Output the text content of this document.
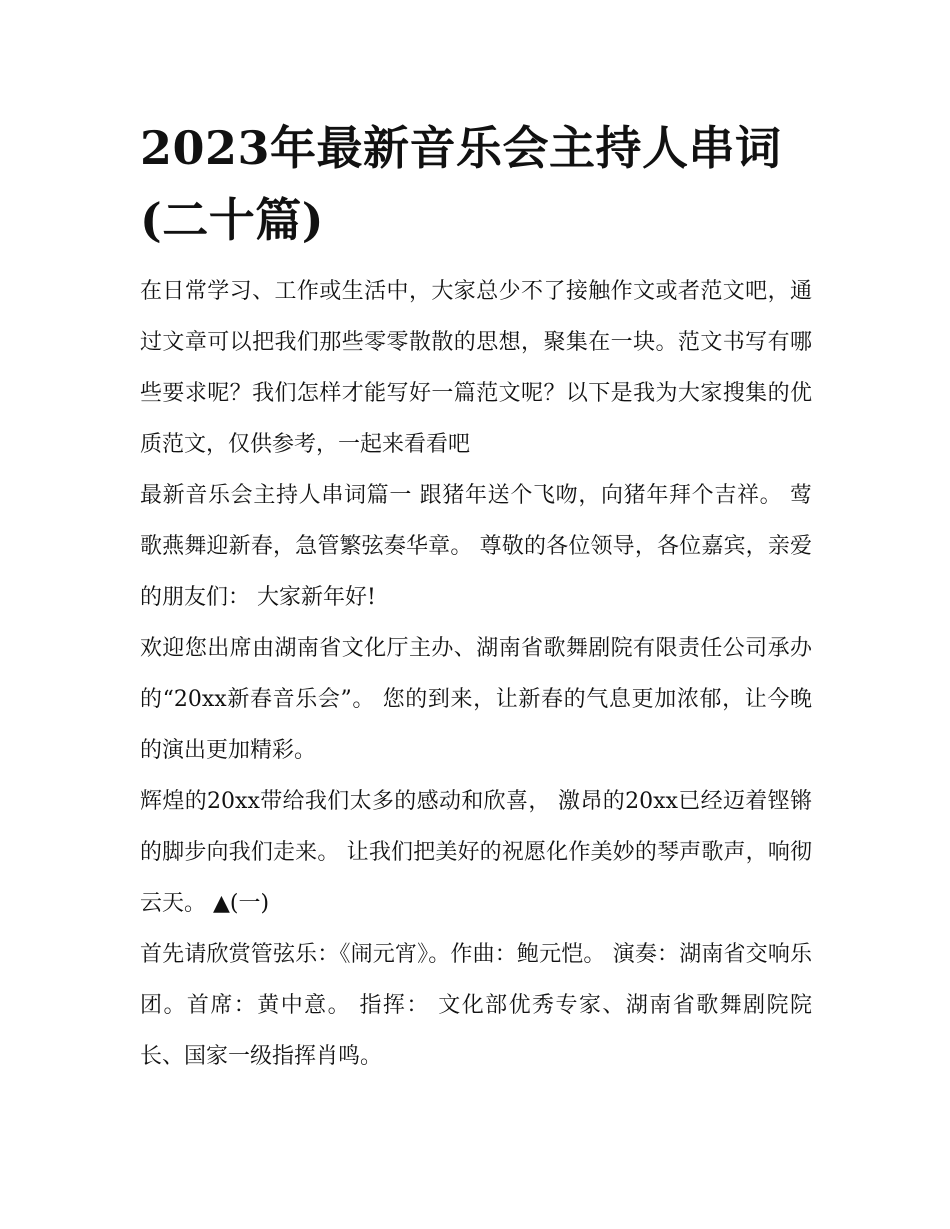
2023年最新音乐会主持人串词(二十篇)

在日常学习、工作或生活中，大家总少不了接触作文或者范文吧，通过文章可以把我们那些零零散散的思想，聚集在一块。范文书写有哪些要求呢？我们怎样才能写好一篇范文呢？以下是我为大家搜集的优质范文，仅供参考，一起来看看吧

最新音乐会主持人串词篇一 跟猪年送个飞吻，向猪年拜个吉祥。 莺歌燕舞迎新春，急管繁弦奏华章。 尊敬的各位领导，各位嘉宾，亲爱的朋友们： 大家新年好!

欢迎您出席由湖南省文化厅主办、湖南省歌舞剧院有限责任公司承办的“20xx新春音乐会”。 您的到来，让新春的气息更加浓郁，让今晚的演出更加精彩。

辉煌的20xx带给我们太多的感动和欣喜， 激昂的20xx已经迈着铿锵的脚步向我们走来。 让我们把美好的祝愿化作美妙的琴声歌声，响彻云天。 ▲(一)

首先请欣赏管弦乐：《闹元宵》。作曲：鲍元恺。 演奏：湖南省交响乐团。首席：黄中意。 指挥： 文化部优秀专家、湖南省歌舞剧院院长、国家一级指挥肖鸣。
